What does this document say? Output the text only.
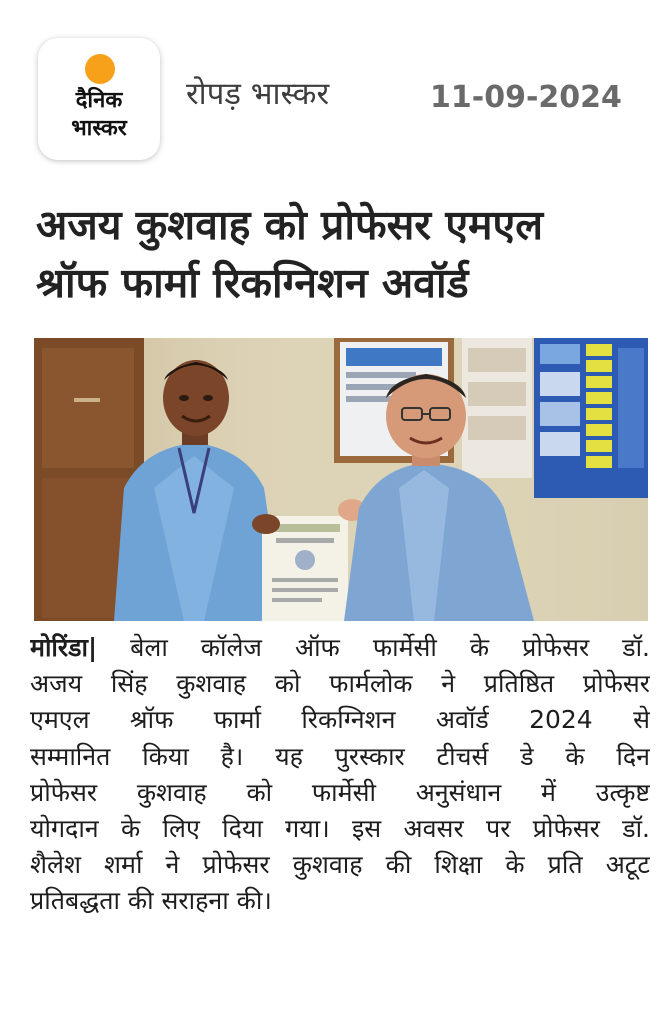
दैनिक
भास्कर
रोपड़ भास्कर	11-09-2024
अजय कुशवाह को प्रोफेसर एमएल
श्रॉफ फार्मा रिकग्निशन अवॉर्ड
मोरिंडा| बेला कॉलेज ऑफ फार्मेसी के प्रोफेसर डॉ.
अजय सिंह कुशवाह को फार्मलोक ने प्रतिष्ठित प्रोफेसर
एमएल श्रॉफ फार्मा रिकग्निशन अवॉर्ड 2024 से
सम्मानित किया है। यह पुरस्कार टीचर्स डे के दिन
प्रोफेसर कुशवाह को फार्मेसी अनुसंधान में उत्कृष्ट
योगदान के लिए दिया गया। इस अवसर पर प्रोफेसर डॉ.
शैलेश शर्मा ने प्रोफेसर कुशवाह की शिक्षा के प्रति अटूट
प्रतिबद्धता की सराहना की।
